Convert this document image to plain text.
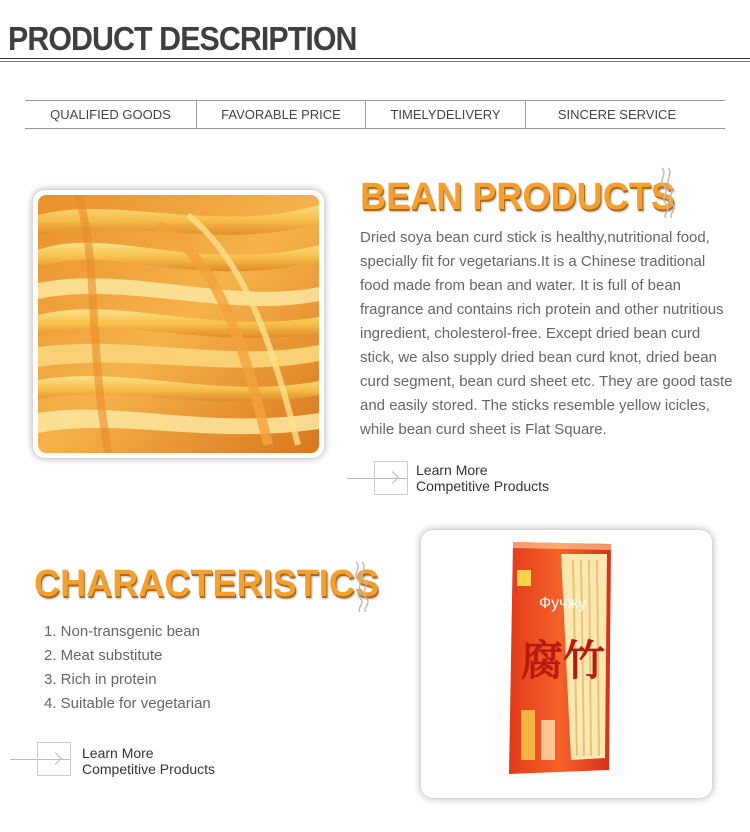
PRODUCT DESCRIPTION
QUALIFIED GOODS	FAVORABLE PRICE	TIMELYDELIVERY	SINCERE SERVICE
BEAN PRODUCTS
Dried soya bean curd stick is healthy,nutritional food, specially fit for vegetarians.It is a Chinese traditional food made from bean and water. It is full of bean fragrance and contains rich protein and other nutritious ingredient, cholesterol-free. Except dried bean curd stick, we also supply dried bean curd knot, dried bean curd segment, bean curd sheet etc. They are good taste and easily stored. The sticks resemble yellow icicles, while bean curd sheet is Flat Square.
Learn More
Competitive Products
CHARACTERISTICS
1. Non-transgenic bean
2. Meat substitute
3. Rich in protein
4. Suitable for vegetarian
Learn More
Competitive Products
Фучжу
腐竹
